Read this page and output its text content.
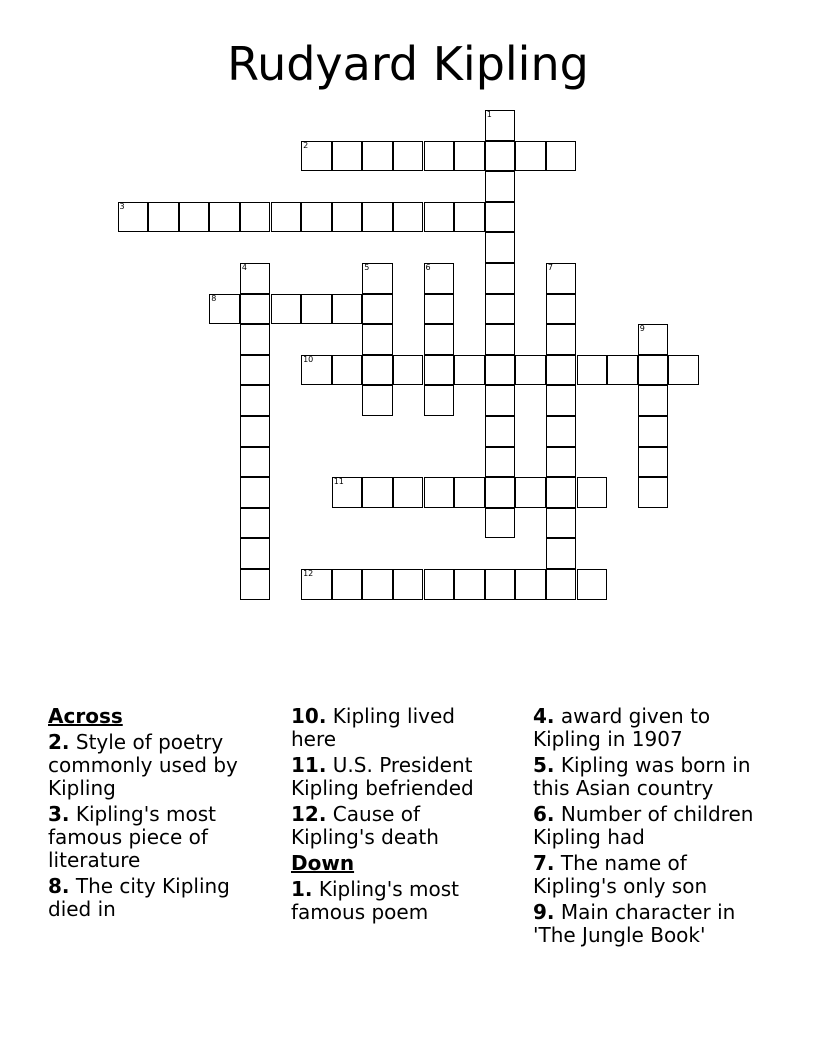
Rudyard Kipling
1
2
3
4	5	6	7
8
9
10
11
12
Across
2. Style of poetry commonly used by Kipling
3. Kipling's most famous piece of literature
8. The city Kipling died in
10. Kipling lived here
11. U.S. President Kipling befriended
12. Cause of Kipling's death
Down
1. Kipling's most famous poem
4. award given to Kipling in 1907
5. Kipling was born in this Asian country
6. Number of children Kipling had
7. The name of Kipling's only son
9. Main character in 'The Jungle Book'
